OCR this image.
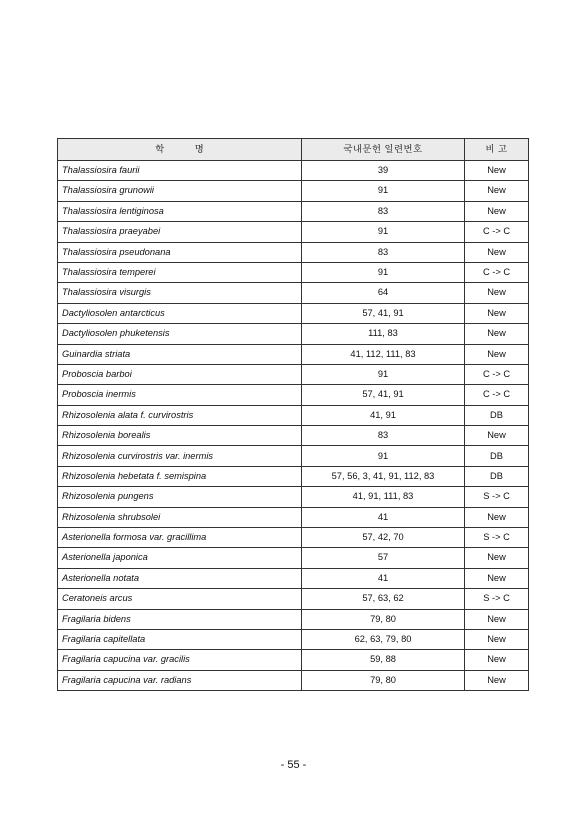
학 명	국내문헌 일련번호	비 고
Thalassiosira faurii	39	New
Thalassiosira grunowii	91	New
Thalassiosira lentiginosa	83	New
Thalassiosira praeyabei	91	C -> C
Thalassiosira pseudonana	83	New
Thalassiosira temperei	91	C -> C
Thalassiosira visurgis	64	New
Dactyliosolen antarcticus	57, 41, 91	New
Dactyliosolen phuketensis	111, 83	New
Guinardia striata	41, 112, 111, 83	New
Proboscia barboi	91	C -> C
Proboscia inermis	57, 41, 91	C -> C
Rhizosolenia alata f. curvirostris	41, 91	DB
Rhizosolenia borealis	83	New
Rhizosolenia curvirostris var. inermis	91	DB
Rhizosolenia hebetata f. semispina	57, 56, 3, 41, 91, 112, 83	DB
Rhizosolenia pungens	41, 91, 111, 83	S -> C
Rhizosolenia shrubsolei	41	New
Asterionella formosa var. gracillima	57, 42, 70	S -> C
Asterionella japonica	57	New
Asterionella notata	41	New
Ceratoneis arcus	57, 63, 62	S -> C
Fragilaria bidens	79, 80	New
Fragilaria capitellata	62, 63, 79, 80	New
Fragilaria capucina var. gracilis	59, 88	New
Fragilaria capucina var. radians	79, 80	New
- 55 -
